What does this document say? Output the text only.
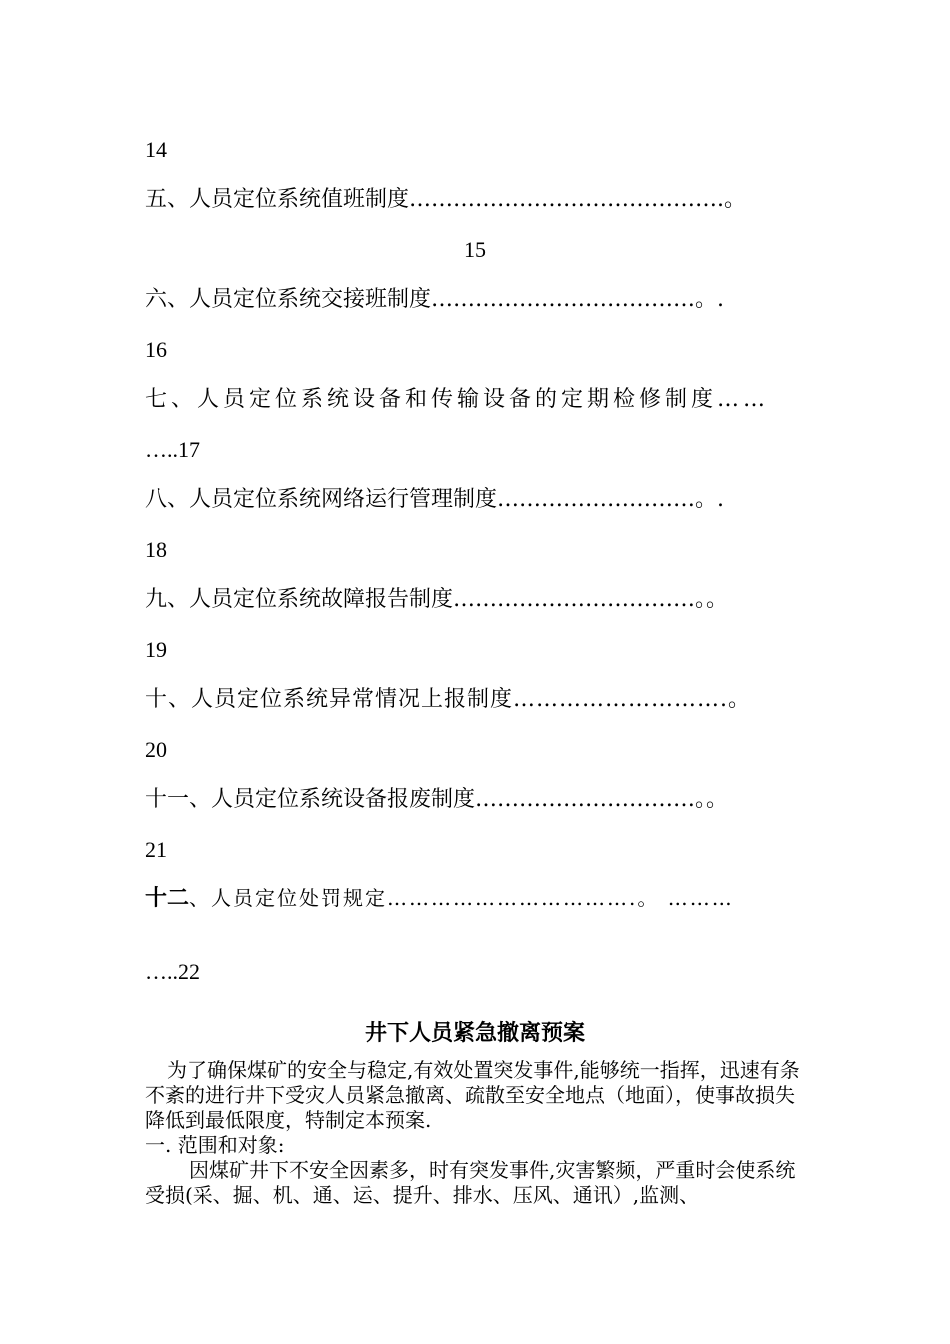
14
五、人员定位系统值班制度…………………………………….。
15
六、人员定位系统交接班制度………………………………。.
16
七、人员定位系统设备和传输设备的定期检修制度……
…..17
八、人员定位系统网络运行管理制度………………………。.
18
九、人员定位系统故障报告制度……………………………。。
19
十、人员定位系统异常情况上报制度……………………….。
20
十一、人员定位系统设备报废制度…………………………。。
21
十二、人员定位处罚规定…………………………….。 ………
…..22
井下人员紧急撤离预案
为了确保煤矿的安全与稳定,有效处置突发事件,能够统一指挥，迅速有条不紊的进行井下受灾人员紧急撤离、疏散至安全地点（地面），使事故损失降低到最低限度，特制定本预案.
一. 范围和对象:
因煤矿井下不安全因素多，时有突发事件,灾害繁频，严重时会使系统受损(采、掘、机、通、运、提升、排水、压风、通讯）,监测、
